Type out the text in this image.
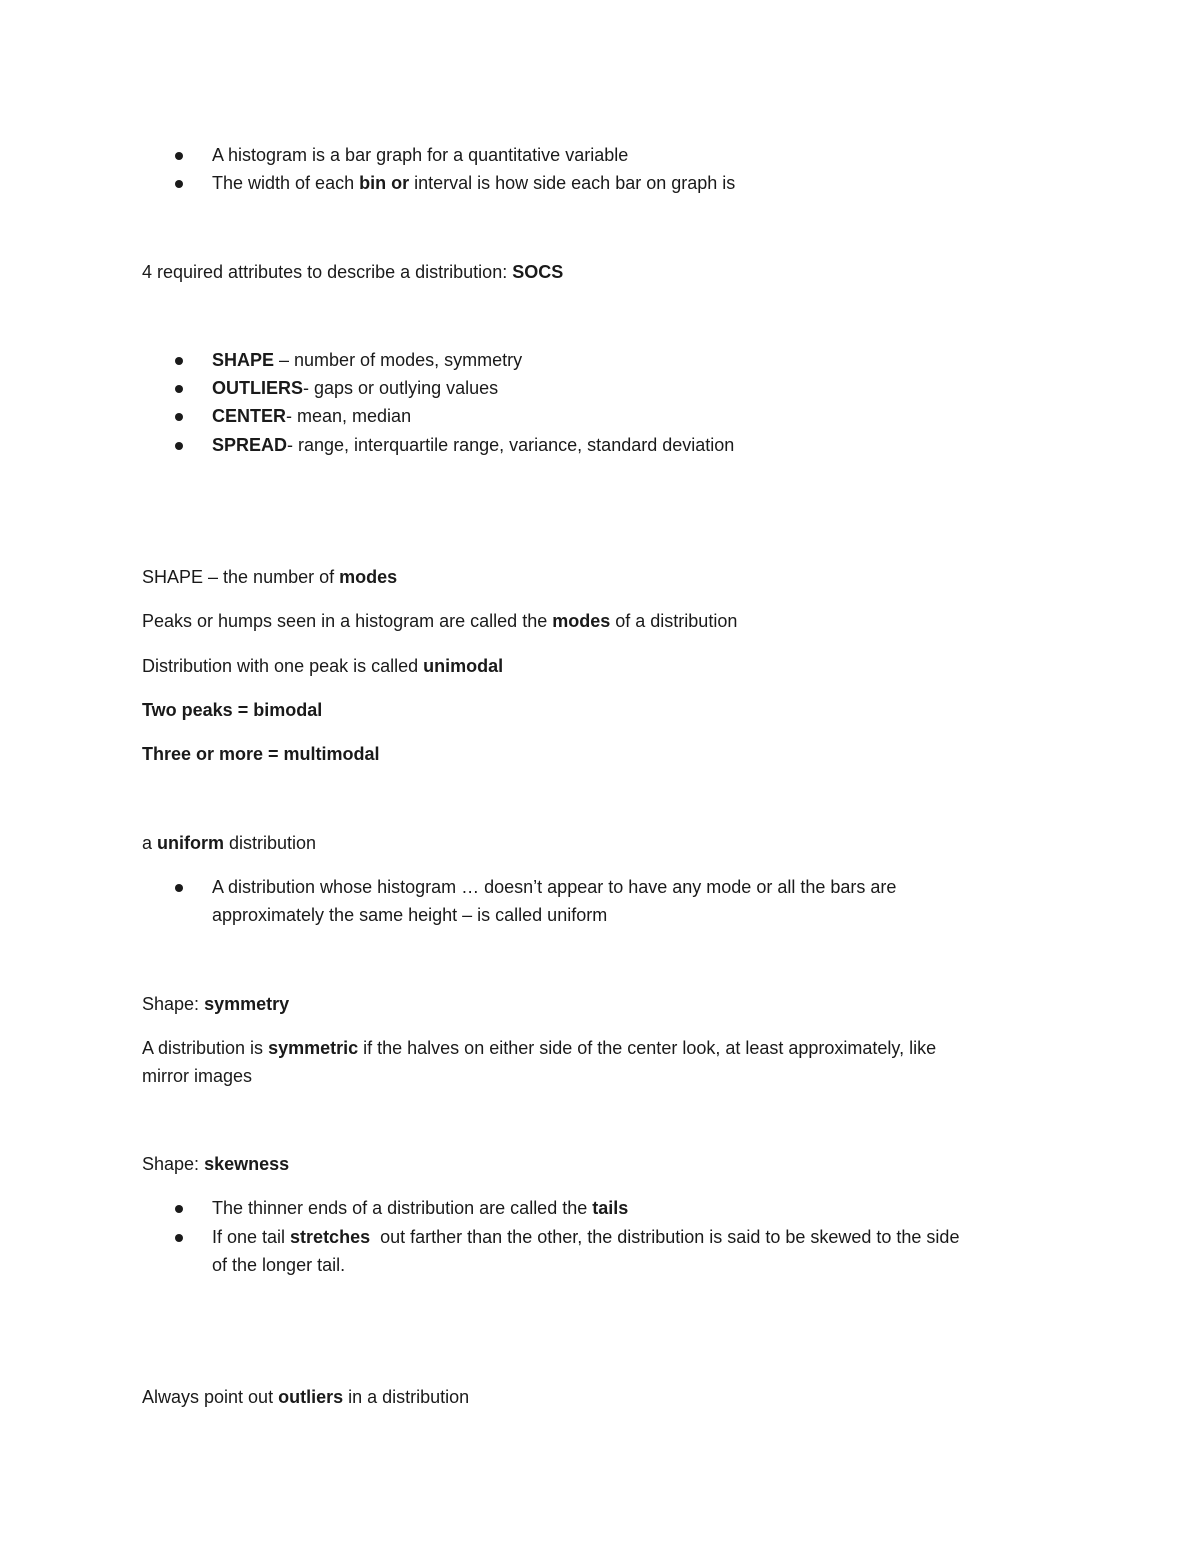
A histogram is a bar graph for a quantitative variable
The width of each bin or interval is how side each bar on graph is
4 required attributes to describe a distribution: SOCS
SHAPE – number of modes, symmetry
OUTLIERS- gaps or outlying values
CENTER- mean, median
SPREAD- range, interquartile range, variance, standard deviation
SHAPE – the number of modes
Peaks or humps seen in a histogram are called the modes of a distribution
Distribution with one peak is called unimodal
Two peaks = bimodal
Three or more = multimodal
a uniform distribution
A distribution whose histogram … doesn’t appear to have any mode or all the bars are
approximately the same height – is called uniform
Shape: symmetry
A distribution is symmetric if the halves on either side of the center look, at least approximately, like
mirror images
Shape: skewness
The thinner ends of a distribution are called the tails
If one tail stretches  out farther than the other, the distribution is said to be skewed to the side
of the longer tail.
Always point out outliers in a distribution
